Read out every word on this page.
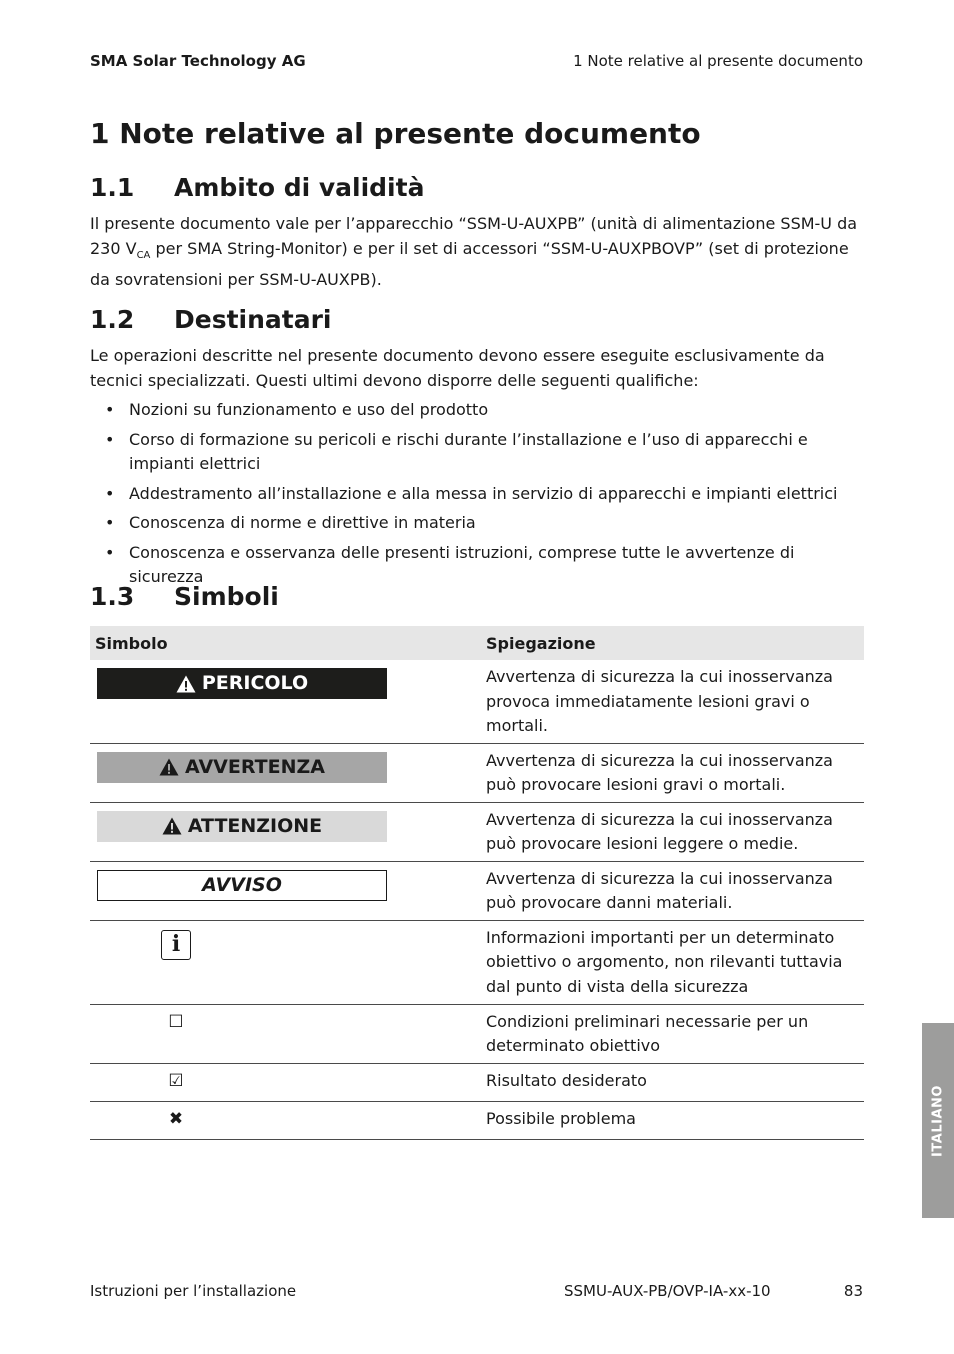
SMA Solar Technology AG	1 Note relative al presente documento
1 Note relative al presente documento
1.1 Ambito di validità

Il presente documento vale per l’apparecchio “SSM-U-AUXPB” (unità di alimentazione SSM-U da 230 $V_{CA}$ per SMA String-Monitor) e per il set di accessori “SSM-U-AUXPBOVP” (set di protezione da sovratensioni per SSM-U-AUXPB).

1.2 Destinatari

Le operazioni descritte nel presente documento devono essere eseguite esclusivamente da tecnici specializzati. Questi ultimi devono disporre delle seguenti qualifiche:

• Nozioni su funzionamento e uso del prodotto
• Corso di formazione su pericoli e rischi durante l’installazione e l’uso di apparecchi e impianti elettrici
• Addestramento all’installazione e alla messa in servizio di apparecchi e impianti elettrici
• Conoscenza di norme e direttive in materia
• Conoscenza e osservanza delle presenti istruzioni, comprese tutte le avvertenze di sicurezza
1.3 Simboli
Simbolo	Spiegazione

PERICOLO	Avvertenza di sicurezza la cui inosservanza provoca immediatamente lesioni gravi o mortali.

AVVERTENZA	Avvertenza di sicurezza la cui inosservanza può provocare lesioni gravi o mortali.

ATTENZIONE	Avvertenza di sicurezza la cui inosservanza può provocare lesioni leggere o medie.

AVVISO	Avvertenza di sicurezza la cui inosservanza può provocare danni materiali.

i	Informazioni importanti per un determinato obiettivo o argomento, non rilevanti tuttavia dal punto di vista della sicurezza

☐	Condizioni preliminari necessarie per un determinato obiettivo

☑	Risultato desiderato

✖	Possibile problema	ITALIANO
Istruzioni per l’installazione	SSMU-AUX-PB/OVP-IA-xx-10	83
